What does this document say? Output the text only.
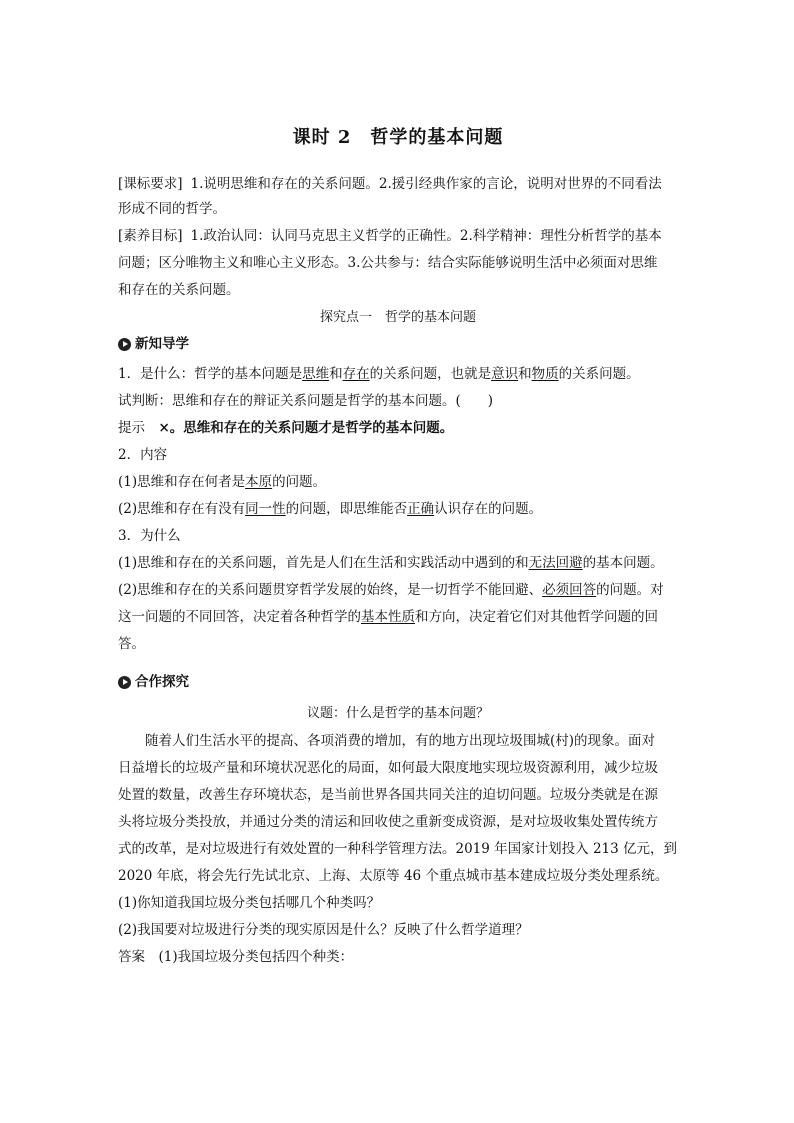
课时 2　哲学的基本问题
[课标要求] 1.说明思维和存在的关系问题。2.援引经典作家的言论，说明对世界的不同看法
形成不同的哲学。
[素养目标] 1.政治认同：认同马克思主义哲学的正确性。2.科学精神：理性分析哲学的基本
问题；区分唯物主义和唯心主义形态。3.公共参与：结合实际能够说明生活中必须面对思维
和存在的关系问题。
探究点一　哲学的基本问题
新知导学
1．是什么：哲学的基本问题是思维和存在的关系问题，也就是意识和物质的关系问题。
试判断：思维和存在的辩证关系问题是哲学的基本问题。(　　)
提示　×。思维和存在的关系问题才是哲学的基本问题。
2．内容
(1)思维和存在何者是本原的问题。
(2)思维和存在有没有同一性的问题，即思维能否正确认识存在的问题。
3．为什么
(1)思维和存在的关系问题，首先是人们在生活和实践活动中遇到的和无法回避的基本问题。
(2)思维和存在的关系问题贯穿哲学发展的始终，是一切哲学不能回避、必须回答的问题。对
这一问题的不同回答，决定着各种哲学的基本性质和方向，决定着它们对其他哲学问题的回
答。
合作探究
议题：什么是哲学的基本问题？
随着人们生活水平的提高、各项消费的增加，有的地方出现垃圾围城(村)的现象。面对
日益增长的垃圾产量和环境状况恶化的局面，如何最大限度地实现垃圾资源利用，减少垃圾
处置的数量，改善生存环境状态，是当前世界各国共同关注的迫切问题。垃圾分类就是在源
头将垃圾分类投放，并通过分类的清运和回收使之重新变成资源，是对垃圾收集处置传统方
式的改革，是对垃圾进行有效处置的一种科学管理方法。2019 年国家计划投入 213 亿元，到
2020 年底，将会先行先试北京、上海、太原等 46 个重点城市基本建成垃圾分类处理系统。
(1)你知道我国垃圾分类包括哪几个种类吗？
(2)我国要对垃圾进行分类的现实原因是什么？反映了什么哲学道理？
答案　(1)我国垃圾分类包括四个种类：
